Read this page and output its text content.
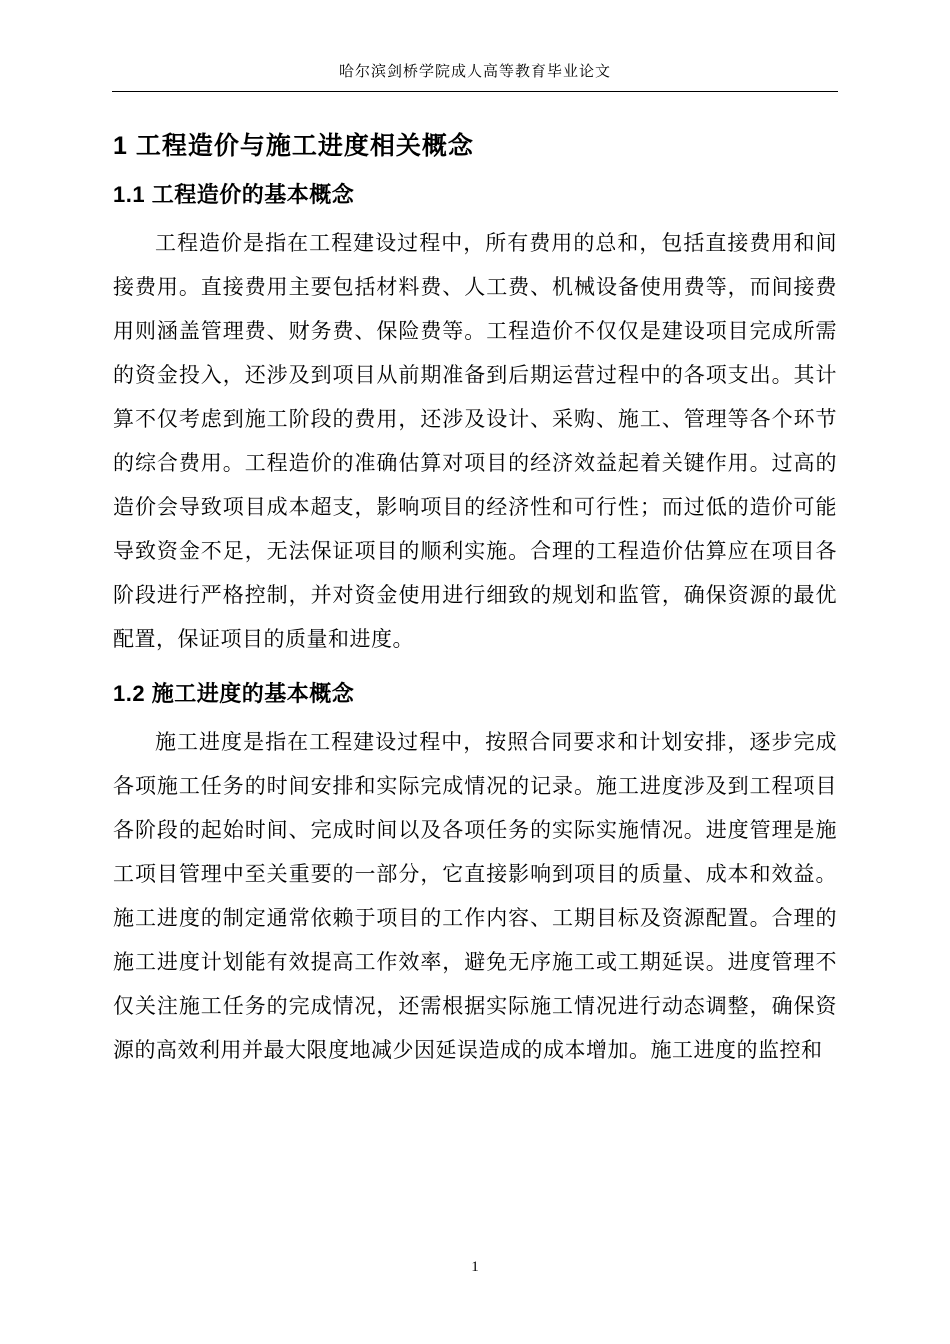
哈尔滨剑桥学院成人高等教育毕业论文
1 工程造价与施工进度相关概念
1.1 工程造价的基本概念

工程造价是指在工程建设过程中，所有费用的总和，包括直接费用和间接费用。直接费用主要包括材料费、人工费、机械设备使用费等，而间接费用则涵盖管理费、财务费、保险费等。工程造价不仅仅是建设项目完成所需的资金投入，还涉及到项目从前期准备到后期运营过程中的各项支出。其计算不仅考虑到施工阶段的费用，还涉及设计、采购、施工、管理等各个环节的综合费用。工程造价的准确估算对项目的经济效益起着关键作用。过高的造价会导致项目成本超支，影响项目的经济性和可行性；而过低的造价可能导致资金不足，无法保证项目的顺利实施。合理的工程造价估算应在项目各阶段进行严格控制，并对资金使用进行细致的规划和监管，确保资源的最优配置，保证项目的质量和进度。

1.2 施工进度的基本概念

施工进度是指在工程建设过程中，按照合同要求和计划安排，逐步完成各项施工任务的时间安排和实际完成情况的记录。施工进度涉及到工程项目各阶段的起始时间、完成时间以及各项任务的实际实施情况。进度管理是施工项目管理中至关重要的一部分，它直接影响到项目的质量、成本和效益。施工进度的制定通常依赖于项目的工作内容、工期目标及资源配置。合理的施工进度计划能有效提高工作效率，避免无序施工或工期延误。进度管理不仅关注施工任务的完成情况，还需根据实际施工情况进行动态调整，确保资源的高效利用并最大限度地减少因延误造成的成本增加。施工进度的监控和

1
